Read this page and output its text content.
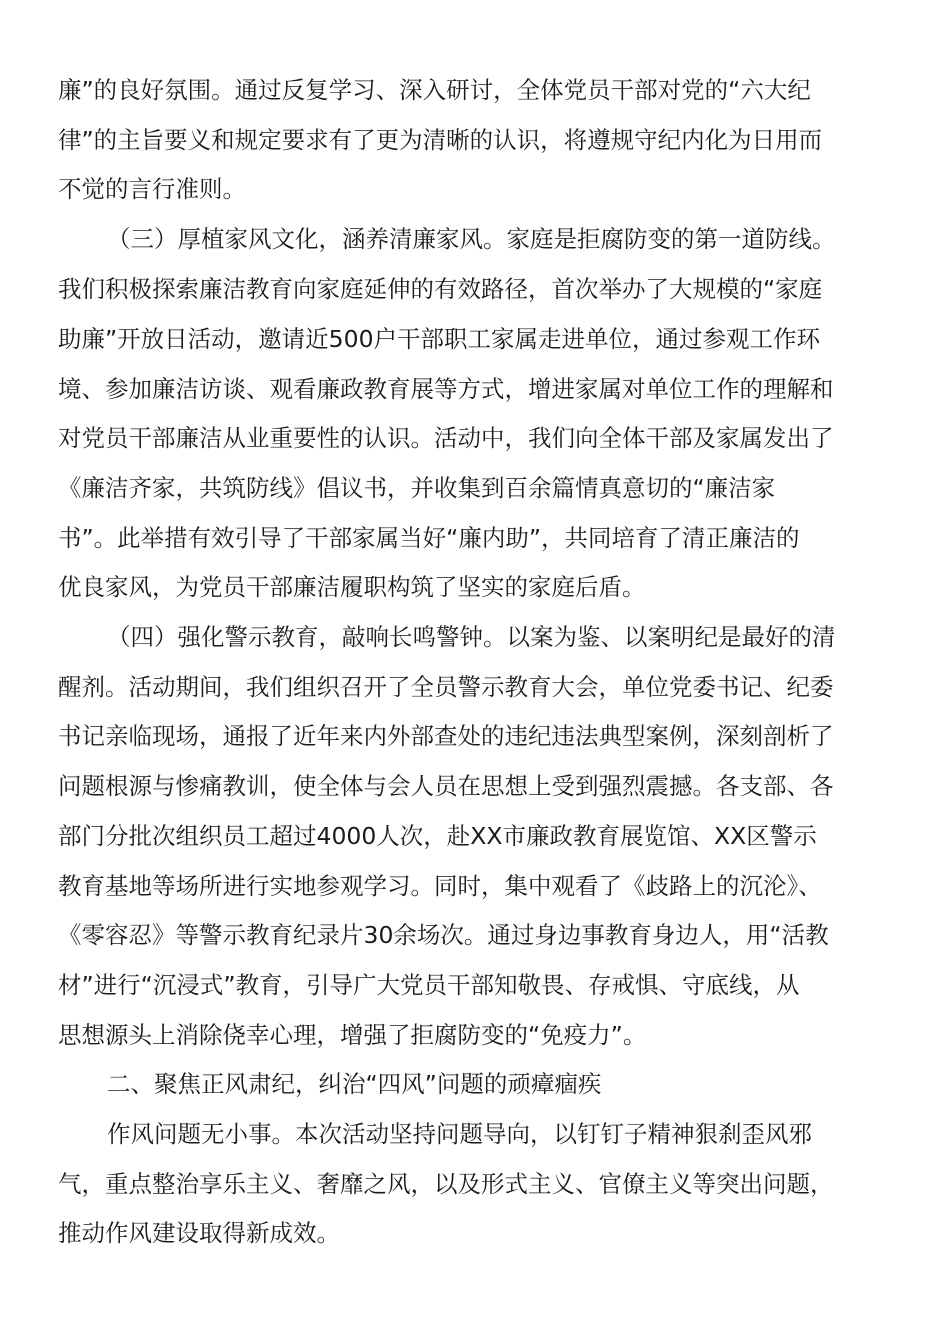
廉”的良好氛围。通过反复学习、深入研讨，全体党员干部对党的“六大纪
律”的主旨要义和规定要求有了更为清晰的认识，将遵规守纪内化为日用而
不觉的言行准则。
（三）厚植家风文化，涵养清廉家风。家庭是拒腐防变的第一道防线。
我们积极探索廉洁教育向家庭延伸的有效路径，首次举办了大规模的“家庭
助廉”开放日活动，邀请近500户干部职工家属走进单位，通过参观工作环
境、参加廉洁访谈、观看廉政教育展等方式，增进家属对单位工作的理解和
对党员干部廉洁从业重要性的认识。活动中，我们向全体干部及家属发出了
《廉洁齐家，共筑防线》倡议书，并收集到百余篇情真意切的“廉洁家
书”。此举措有效引导了干部家属当好“廉内助”，共同培育了清正廉洁的
优良家风，为党员干部廉洁履职构筑了坚实的家庭后盾。
（四）强化警示教育，敲响长鸣警钟。以案为鉴、以案明纪是最好的清
醒剂。活动期间，我们组织召开了全员警示教育大会，单位党委书记、纪委
书记亲临现场，通报了近年来内外部查处的违纪违法典型案例，深刻剖析了
问题根源与惨痛教训，使全体与会人员在思想上受到强烈震撼。各支部、各
部门分批次组织员工超过4000人次，赴XX市廉政教育展览馆、XX区警示
教育基地等场所进行实地参观学习。同时，集中观看了《歧路上的沉沦》、
《零容忍》等警示教育纪录片30余场次。通过身边事教育身边人，用“活教
材”进行“沉浸式”教育，引导广大党员干部知敬畏、存戒惧、守底线，从
思想源头上消除侥幸心理，增强了拒腐防变的“免疫力”。
二、聚焦正风肃纪，纠治“四风”问题的顽瘴痼疾
作风问题无小事。本次活动坚持问题导向，以钉钉子精神狠刹歪风邪
气，重点整治享乐主义、奢靡之风，以及形式主义、官僚主义等突出问题，
推动作风建设取得新成效。
